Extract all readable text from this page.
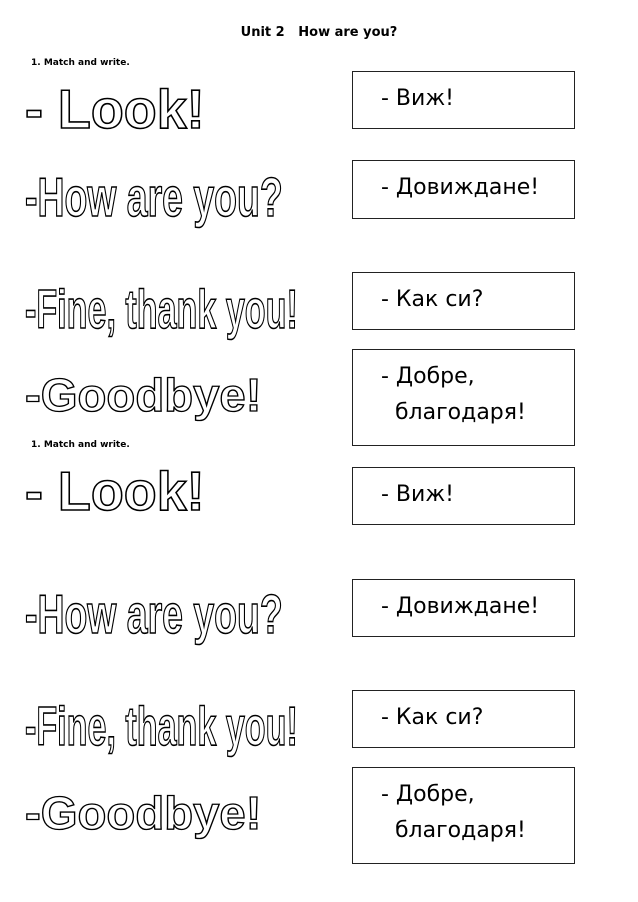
Unit 2   How are you?
1. Match and write.
- Look!
-How are you?
-Fine, thank you!
-Goodbye!
- Виж!
- Довиждане!
- Как си?
- Добре,
благодаря!
1. Match and write.
- Look!
-How are you?
-Fine, thank you!
-Goodbye!
- Виж!
- Довиждане!
- Как си?
- Добре,
благодаря!
